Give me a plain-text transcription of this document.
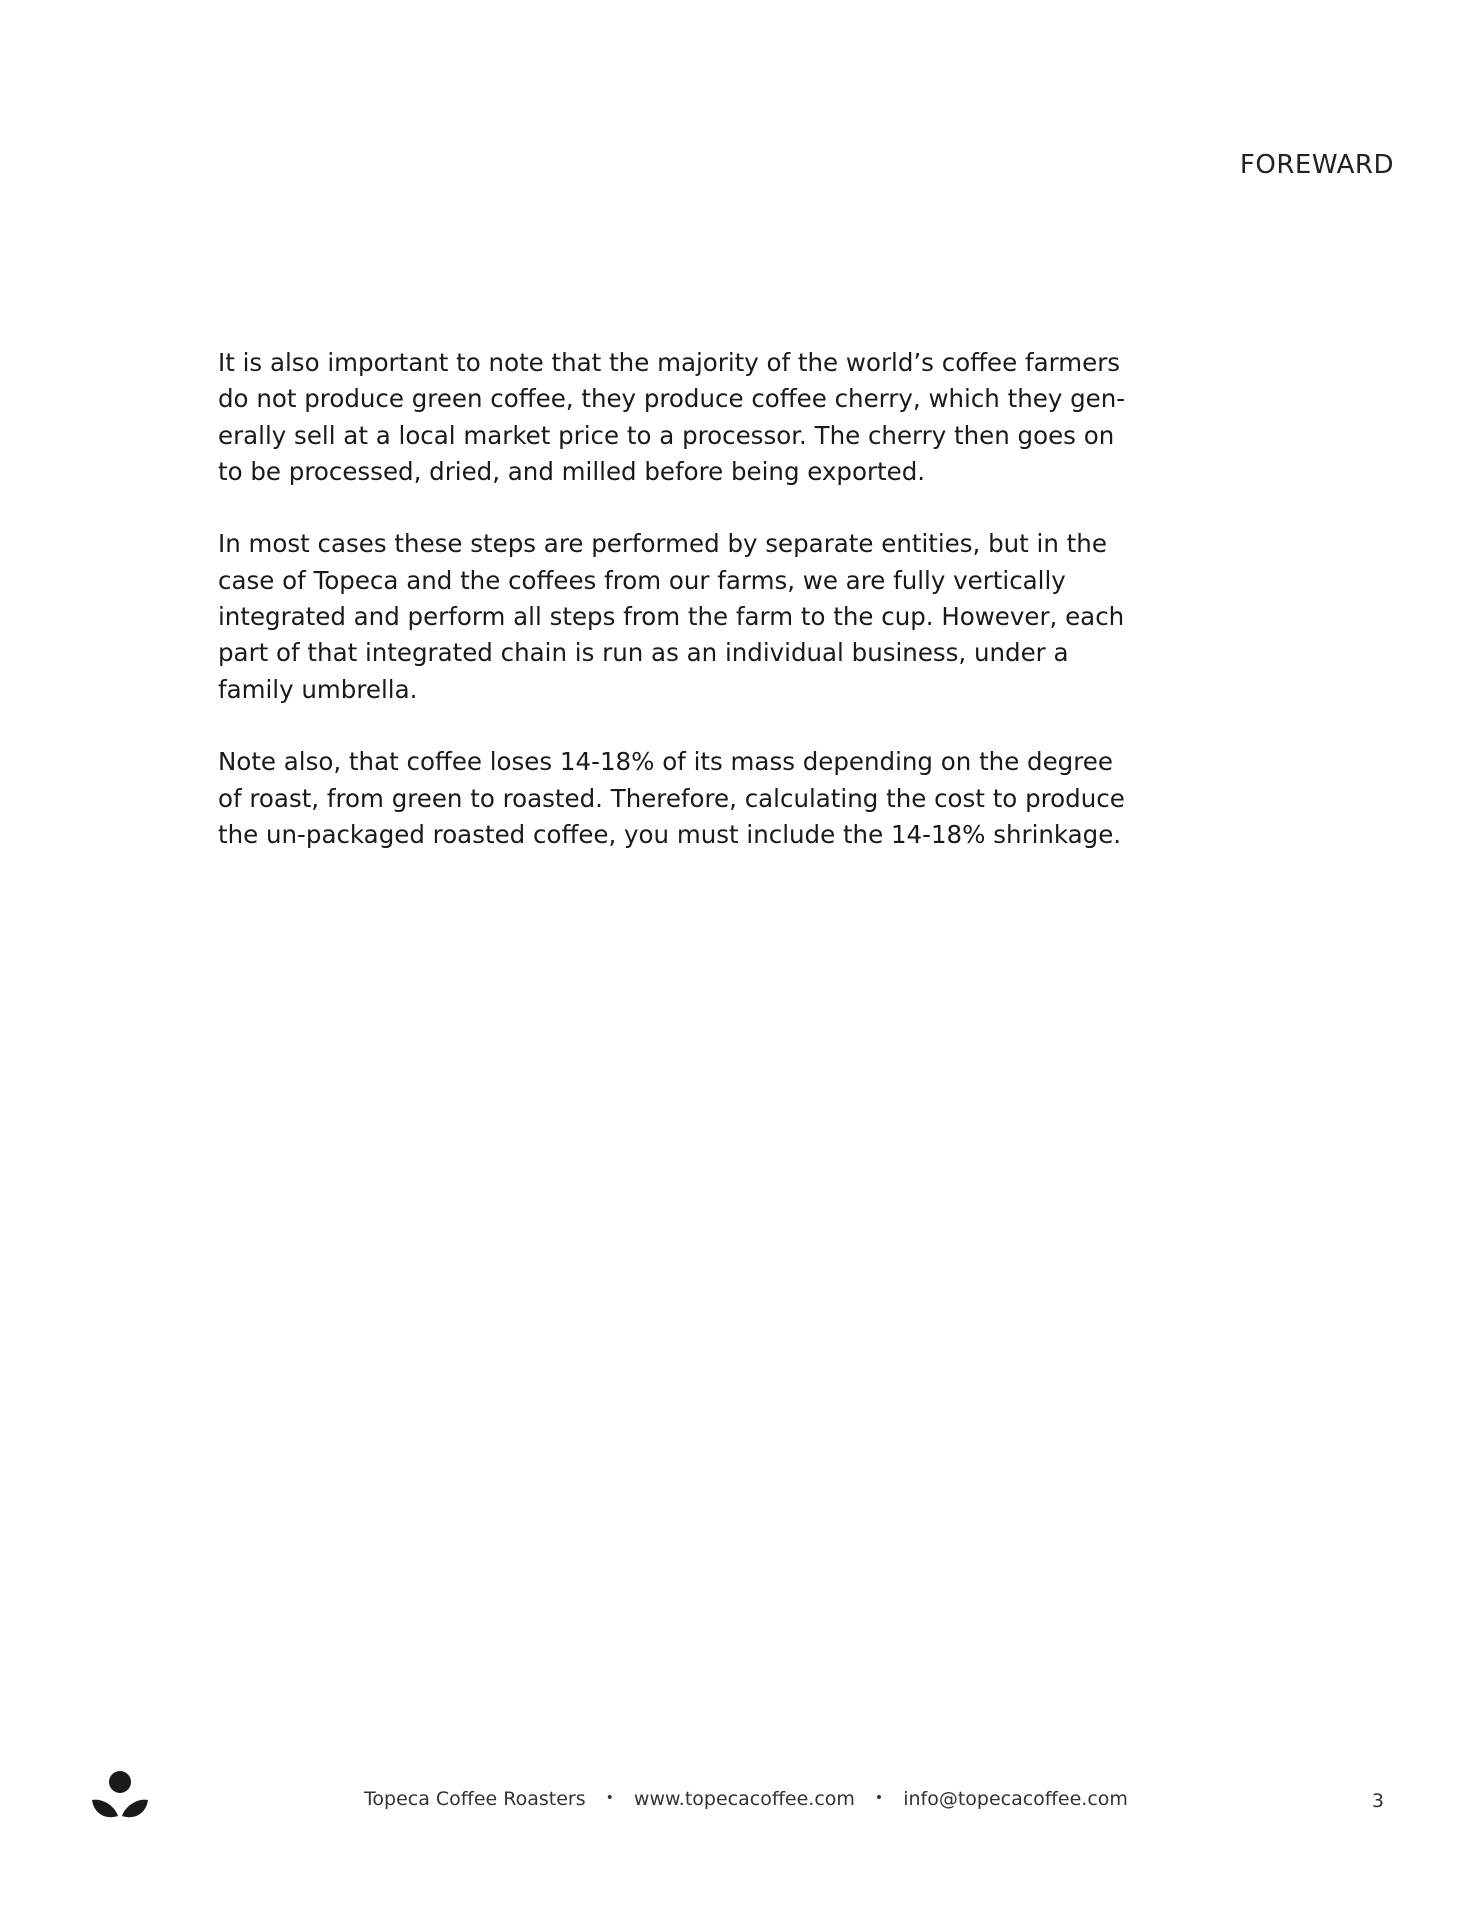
FOREWARD

It is also important to note that the majority of the world’s coffee farmers do not produce green coffee, they produce coffee cherry, which they gen-erally sell at a local market price to a processor. The cherry then goes on to be processed, dried, and milled before being exported.

In most cases these steps are performed by separate entities, but in the case of Topeca and the coffees from our farms, we are fully vertically integrated and perform all steps from the farm to the cup. However, each part of that integrated chain is run as an individual business, under a family umbrella.

Note also, that coffee loses 14-18% of its mass depending on the degree of roast, from green to roasted. Therefore, calculating the cost to produce the un-packaged roasted coffee, you must include the 14-18% shrinkage.

Topeca Coffee Roasters • www.topecacoffee.com • info@topecacoffee.com	3
